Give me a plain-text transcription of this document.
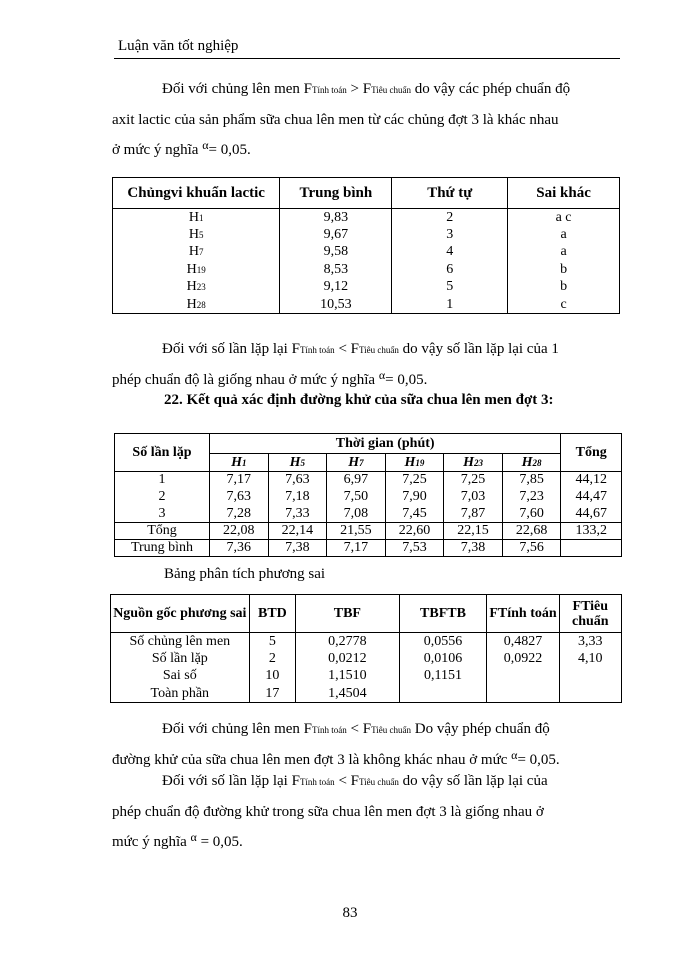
Luận văn tốt nghiệp
Đối với chủng lên men FTính toán > FTiêu chuẩn do vậy các phép chuẩn độ
axit lactic của sản phẩm sữa chua lên men từ các chủng đợt 3 là khác nhau
ở mức ý nghĩa $^\alpha$= 0,05.
Chủngvi khuẩn lactic	Trung bình	Thứ tự	Sai khác
H1	9,83	2	a c
H5	9,67	3	a
H7	9,58	4	a
H19	8,53	6	b
H23	9,12	5	b
H28	10,53	1	c
Đối với số lần lặp lại FTính toán < FTiêu chuẩn do vậy số lần lặp lại của 1
phép chuẩn độ là giống nhau ở mức ý nghĩa $^\alpha$= 0,05.
22. Kết quả xác định đường khử của sữa chua lên men đợt 3:
Số lần lặp	Thời gian (phút)						Tổng
	H1	H5	H7	H19	H23	H28	
1	7,17	7,63	6,97	7,25	7,25	7,85	44,12
2	7,63	7,18	7,50	7,90	7,03	7,23	44,47
3	7,28	7,33	7,08	7,45	7,87	7,60	44,67
Tổng	22,08	22,14	21,55	22,60	22,15	22,68	133,2
Trung bình	7,36	7,38	7,17	7,53	7,38	7,56	
Bảng phân tích phương sai
Nguồn gốc phương sai	BTD	TBF	TBFTB	FTính toán	FTiêu chuẩn
Số chủng lên men	5	0,2778	0,0556	0,4827	3,33
Số lần lặp	2	0,0212	0,0106	0,0922	4,10
Sai số	10	1,1510	0,1151		
Toàn phần	17	1,4504			
Đối với chủng lên men FTính toán < FTiêu chuẩn Do vậy phép chuẩn độ
đường khử của sữa chua lên men đợt 3 là không khác nhau ở mức $^\alpha$= 0,05.
Đối với số lần lặp lại FTính toán < FTiêu chuẩn do vậy số lần lặp lại của
phép chuẩn độ đường khử trong sữa chua lên men đợt 3 là giống nhau ở
mức ý nghĩa $^\alpha$ = 0,05.
83
